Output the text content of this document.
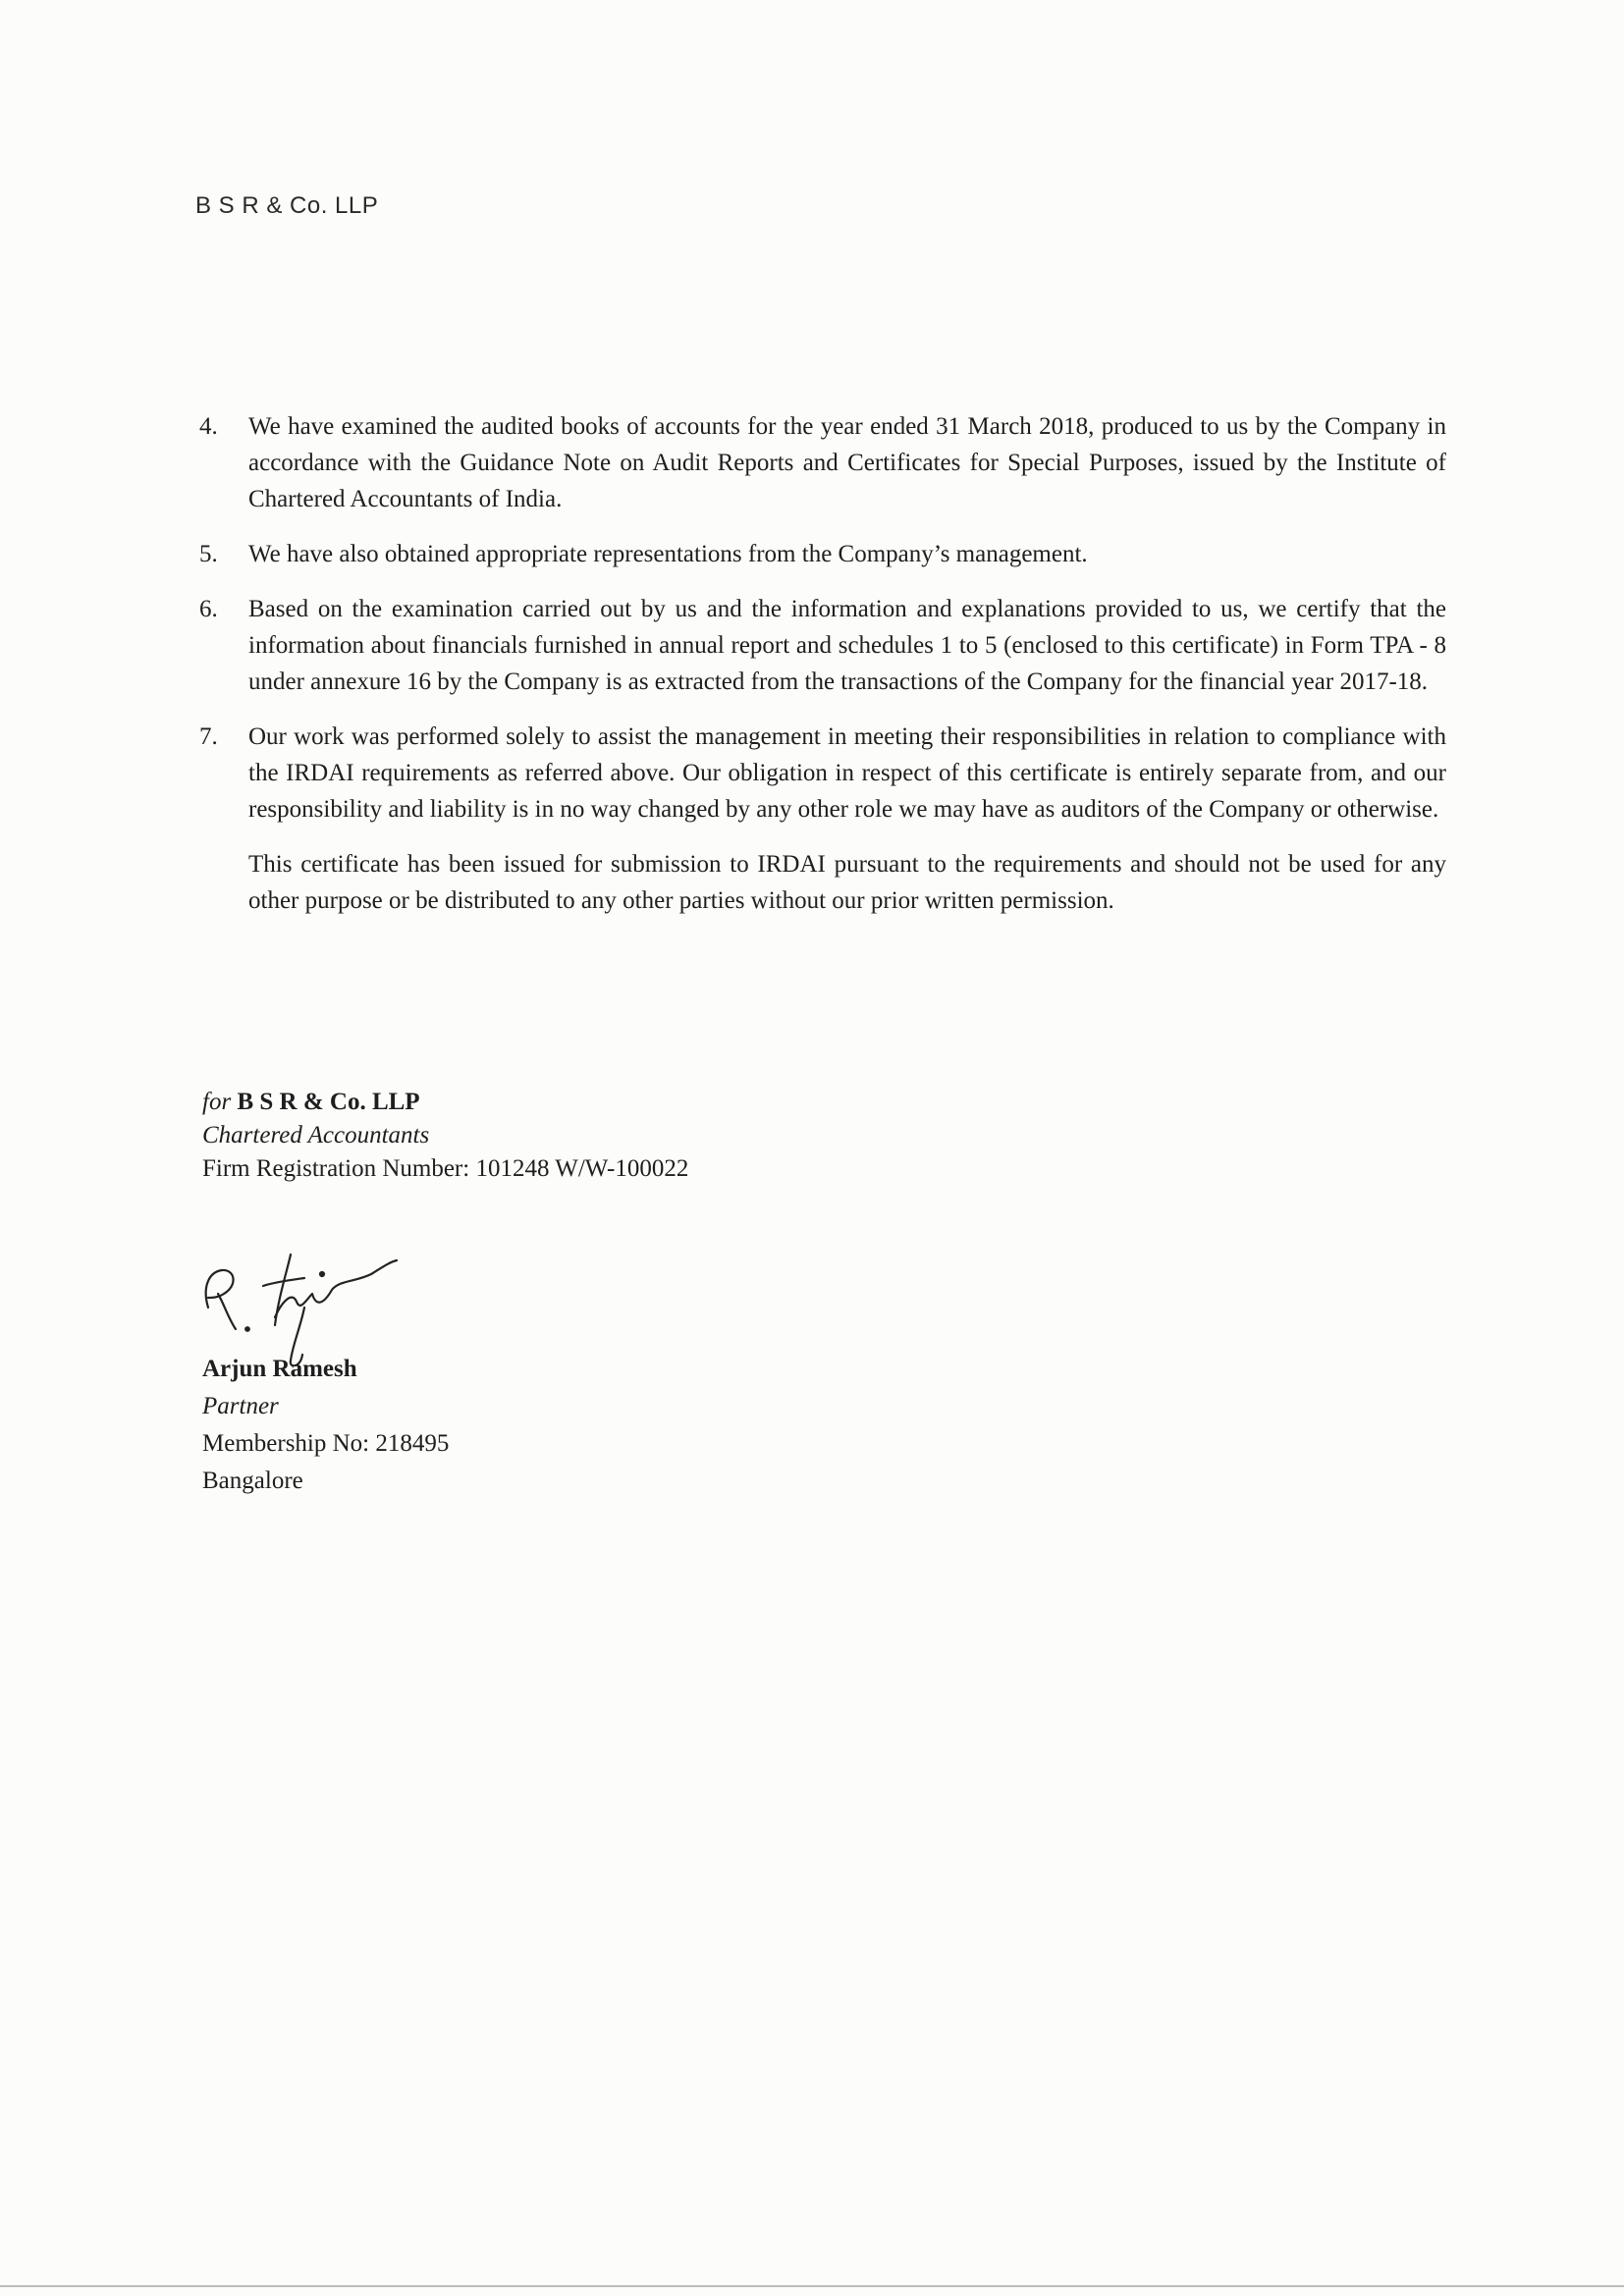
B S R & Co. LLP
4. We have examined the audited books of accounts for the year ended 31 March 2018, produced to us by the Company in accordance with the Guidance Note on Audit Reports and Certificates for Special Purposes, issued by the Institute of Chartered Accountants of India.
5. We have also obtained appropriate representations from the Company’s management.
6. Based on the examination carried out by us and the information and explanations provided to us, we certify that the information about financials furnished in annual report and schedules 1 to 5 (enclosed to this certificate) in Form TPA - 8 under annexure 16 by the Company is as extracted from the transactions of the Company for the financial year 2017-18.
7. Our work was performed solely to assist the management in meeting their responsibilities in relation to compliance with the IRDAI requirements as referred above. Our obligation in respect of this certificate is entirely separate from, and our responsibility and liability is in no way changed by any other role we may have as auditors of the Company or otherwise.
This certificate has been issued for submission to IRDAI pursuant to the requirements and should not be used for any other purpose or be distributed to any other parties without our prior written permission.
for B S R & Co. LLP
Chartered Accountants
Firm Registration Number: 101248 W/W-100022
Arjun Ramesh
Partner
Membership No: 218495
Bangalore
